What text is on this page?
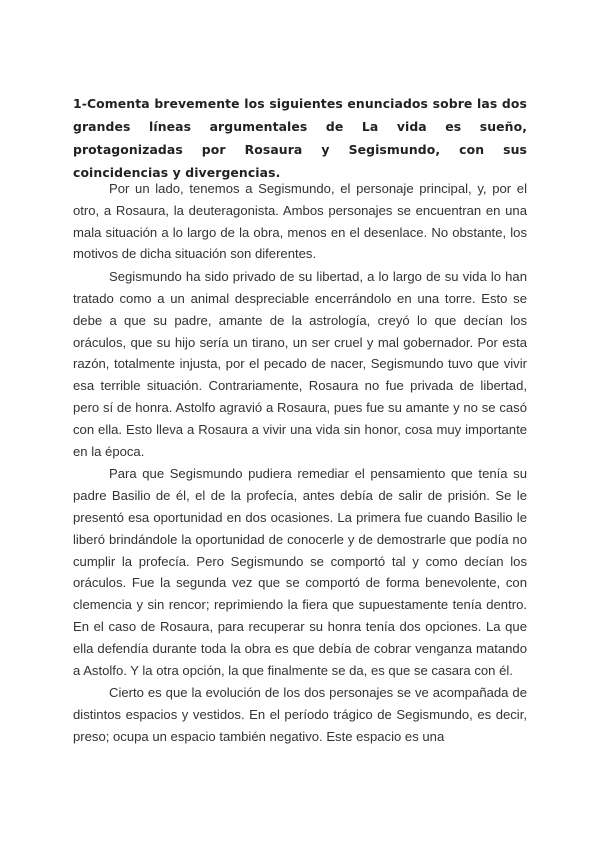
1-Comenta brevemente los siguientes enunciados sobre las dos grandes líneas argumentales de La vida es sueño, protagonizadas por Rosaura y Segismundo, con sus coincidencias y divergencias.

Por un lado, tenemos a Segismundo, el personaje principal, y, por el otro, a Rosaura, la deuteragonista. Ambos personajes se encuentran en una mala situación a lo largo de la obra, menos en el desenlace. No obstante, los motivos de dicha situación son diferentes.

Segismundo ha sido privado de su libertad, a lo largo de su vida lo han tratado como a un animal despreciable encerrándolo en una torre. Esto se debe a que su padre, amante de la astrología, creyó lo que decían los oráculos, que su hijo sería un tirano, un ser cruel y mal gobernador. Por esta razón, totalmente injusta, por el pecado de nacer, Segismundo tuvo que vivir esa terrible situación. Contrariamente, Rosaura no fue privada de libertad, pero sí de honra. Astolfo agravió a Rosaura, pues fue su amante y no se casó con ella. Esto lleva a Rosaura a vivir una vida sin honor, cosa muy importante en la época.

Para que Segismundo pudiera remediar el pensamiento que tenía su padre Basilio de él, el de la profecía, antes debía de salir de prisión. Se le presentó esa oportunidad en dos ocasiones. La primera fue cuando Basilio le liberó brindándole la oportunidad de conocerle y de demostrarle que podía no cumplir la profecía. Pero Segismundo se comportó tal y como decían los oráculos. Fue la segunda vez que se comportó de forma benevolente, con clemencia y sin rencor; reprimiendo la fiera que supuestamente tenía dentro. En el caso de Rosaura, para recuperar su honra tenía dos opciones. La que ella defendía durante toda la obra es que debía de cobrar venganza matando a Astolfo. Y la otra opción, la que finalmente se da, es que se casara con él.

Cierto es que la evolución de los dos personajes se ve acompañada de distintos espacios y vestidos. En el período trágico de Segismundo, es decir, preso; ocupa un espacio también negativo. Este espacio es una
